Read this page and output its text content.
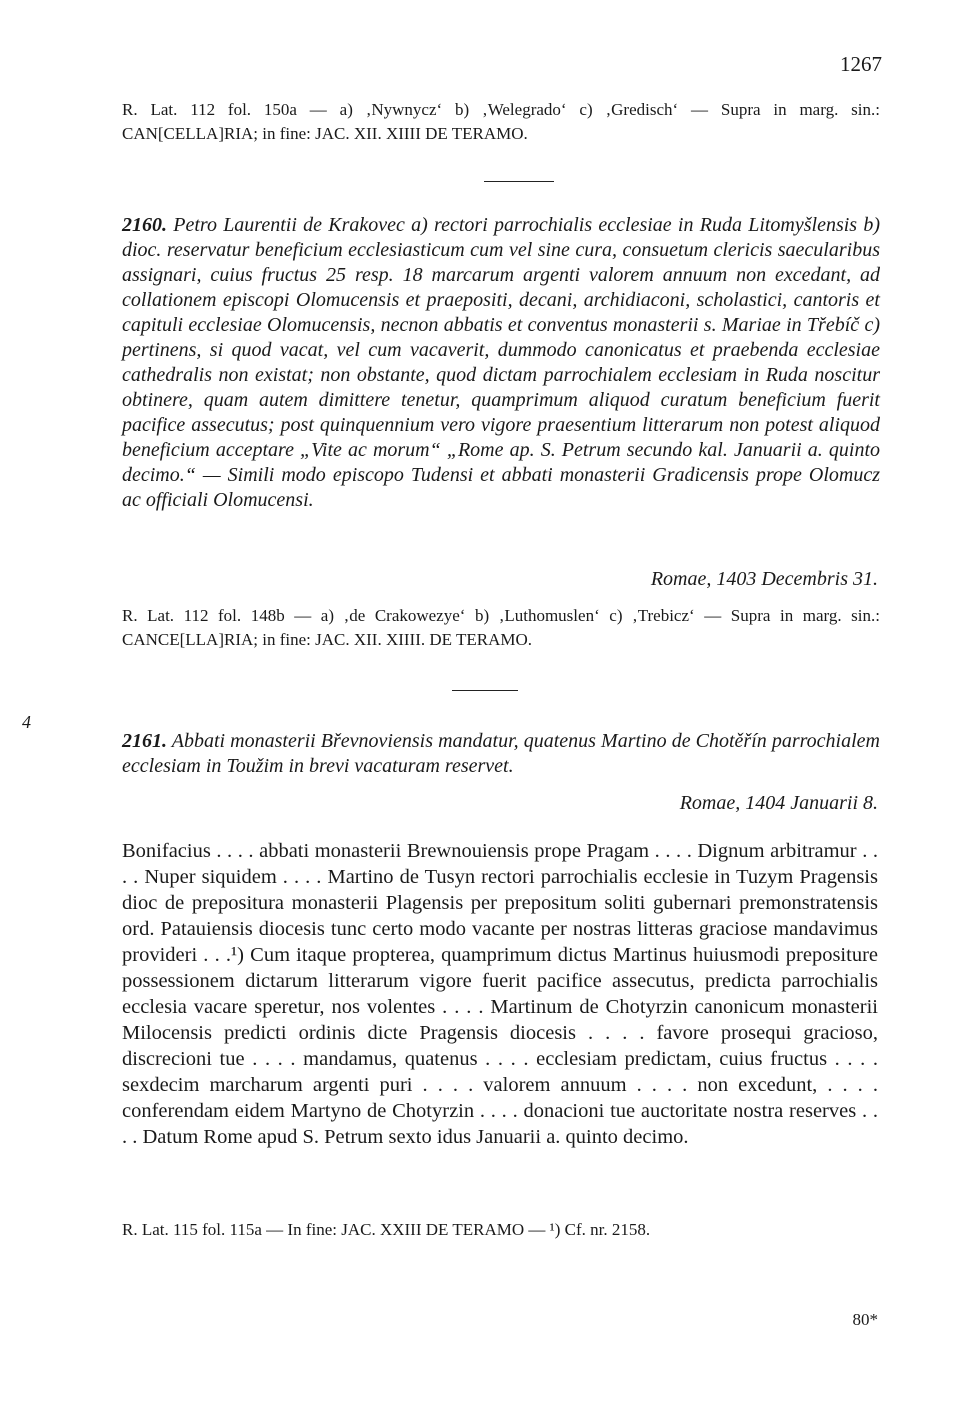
1267
R. Lat. 112 fol. 150a — a) ‚Nywnycz‘ b) ‚Welegrado‘ c) ‚Gredisch‘ — Supra in marg. sin.: CAN[CELLA]RIA; in fine: JAC. XII. XIIII DE TERAMO.
2160. Petro Laurentii de Krakovec a) rectori parrochialis ecclesiae in Ruda Litomyšlensis b) dioc. reservatur beneficium ecclesiasticum cum vel sine cura, consuetum clericis saecularibus assignari, cuius fructus 25 resp. 18 marcarum argenti valorem annuum non excedant, ad collationem episcopi Olomucensis et praepositi, decani, archidiaconi, scholastici, cantoris et capituli ecclesiae Olomucensis, necnon abbatis et conventus monasterii s. Mariae in Třebíč c) pertinens, si quod vacat, vel cum vacaverit, dummodo canonicatus et praebenda ecclesiae cathedralis non existat; non obstante, quod dictam parrochialem ecclesiam in Ruda noscitur obtinere, quam autem dimittere tenetur, quamprimum aliquod curatum beneficium fuerit pacifice assecutus; post quinquennium vero vigore praesentium litterarum non potest aliquod beneficium acceptare „Vite ac morum“ „Rome ap. S. Petrum secundo kal. Januarii a. quinto decimo.“ — Simili modo episcopo Tudensi et abbati monasterii Gradicensis prope Olomucz ac officiali Olomucensi.
Romae, 1403 Decembris 31.
R. Lat. 112 fol. 148b — a) ‚de Crakowezye‘ b) ‚Luthomuslen‘ c) ‚Trebicz‘ — Supra in marg. sin.: CANCE[LLA]RIA; in fine: JAC. XII. XIIII. DE TERAMO.
4
2161. Abbati monasterii Břevnoviensis mandatur, quatenus Martino de Chotěřín parrochialem ecclesiam in Toužim in brevi vacaturam reservet.
Romae, 1404 Januarii 8.
Bonifacius . . . . abbati monasterii Brewnouiensis prope Pragam . . . . Dignum arbitramur . . . . Nuper siquidem . . . . Martino de Tusyn rectori parrochialis ecclesie in Tuzym Pragensis dioc de prepositura monasterii Plagensis per prepositum soliti gubernari premonstratensis ord. Patauiensis diocesis tunc certo modo vacante per nostras litteras graciose mandavimus provideri . . .¹) Cum itaque propterea, quamprimum dictus Martinus huiusmodi prepositure possessionem dictarum litterarum vigore fuerit pacifice assecutus, predicta parrochialis ecclesia vacare speretur, nos volentes . . . . Martinum de Chotyrzin canonicum monasterii Milocensis predicti ordinis dicte Pragensis diocesis . . . . favore prosequi gracioso, discrecioni tue . . . . mandamus, quatenus . . . . ecclesiam predictam, cuius fructus . . . . sexdecim marcharum argenti puri . . . . valorem annuum . . . . non excedunt, . . . . conferendam eidem Martyno de Chotyrzin . . . . donacioni tue auctoritate nostra reserves . . . . Datum Rome apud S. Petrum sexto idus Januarii a. quinto decimo.
R. Lat. 115 fol. 115a — In fine: JAC. XXIII DE TERAMO — ¹) Cf. nr. 2158.
80*
